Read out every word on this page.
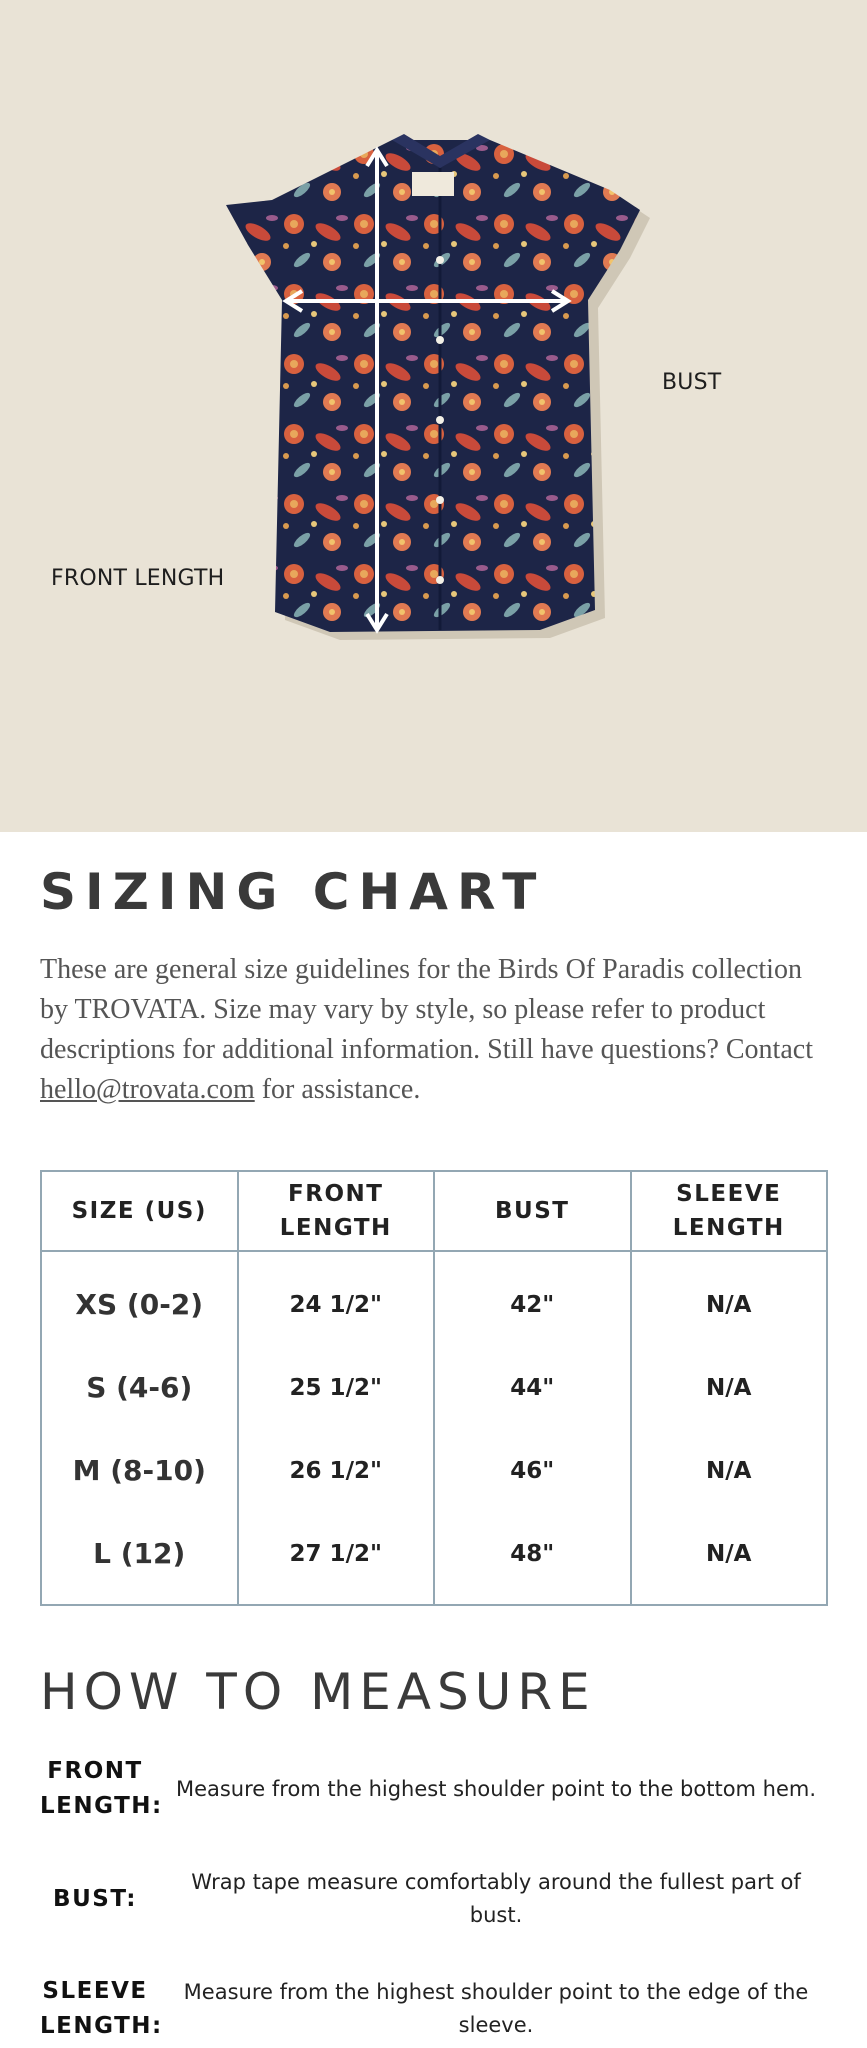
BUST
FRONT LENGTH
SIZING CHART

These are general size guidelines for the Birds Of Paradis collection by TROVATA. Size may vary by style, so please refer to product descriptions for additional information. Still have questions? Contact hello@trovata.com for assistance.

SIZE (US)	FRONT LENGTH	BUST	SLEEVE LENGTH
XS (0-2)	24 1/2"	42"	N/A
S (4-6)	25 1/2"	44"	N/A
M (8-10)	26 1/2"	46"	N/A
L (12)	27 1/2"	48"	N/A
HOW TO MEASURE
FRONT LENGTH:
Measure from the highest shoulder point to the bottom hem.
BUST:
Wrap tape measure comfortably around the fullest part of bust.
SLEEVE LENGTH:
Measure from the highest shoulder point to the edge of the sleeve.
